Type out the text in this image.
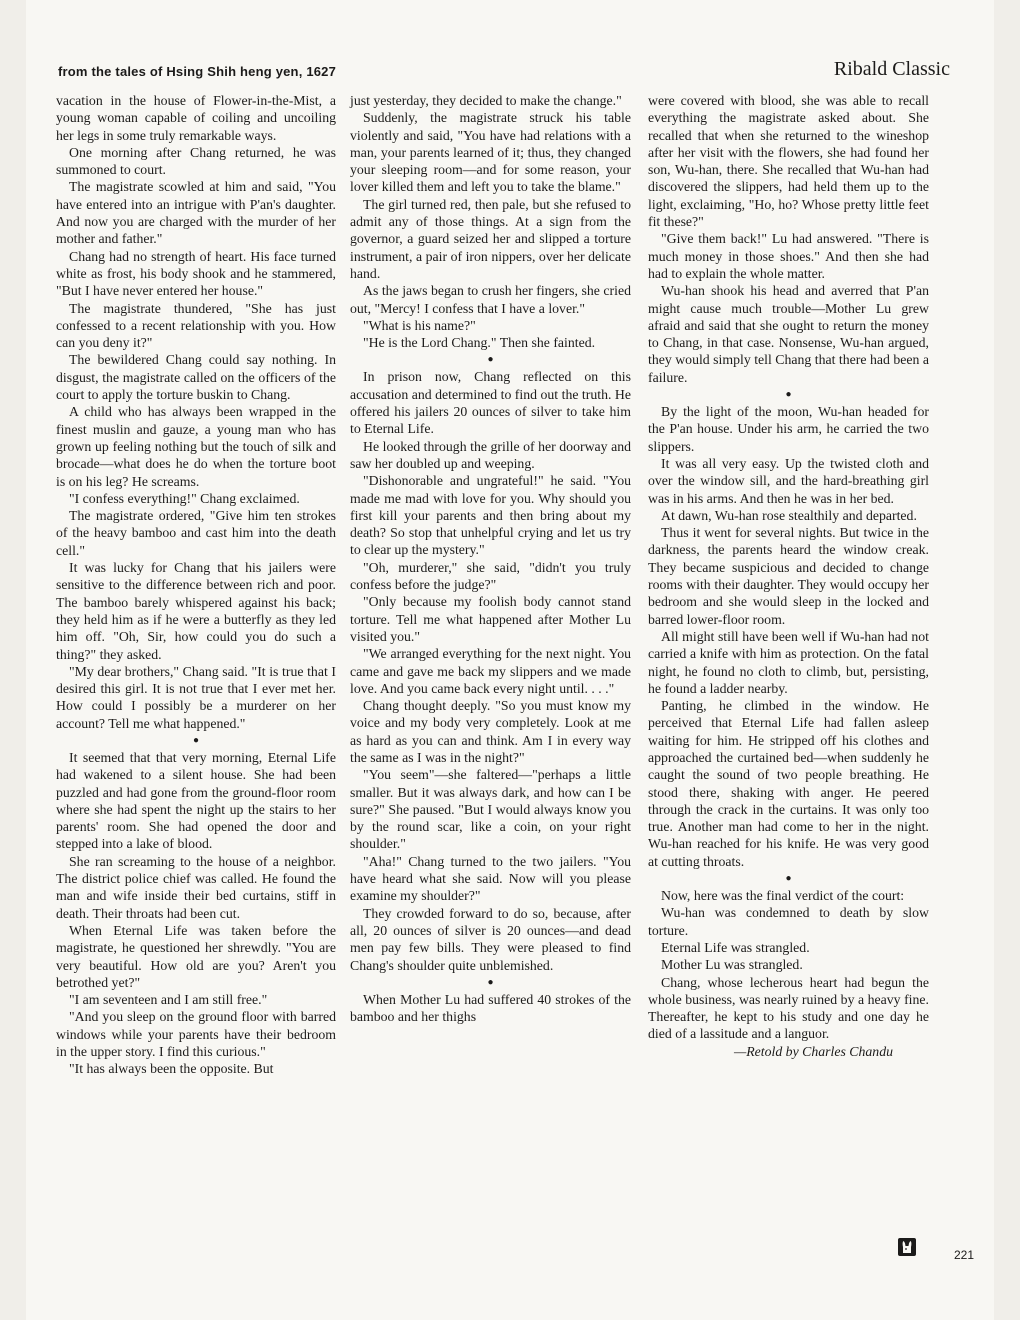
from the tales of Hsing Shih heng yen, 1627	Ribald Classic

vacation in the house of Flower-in-the-Mist, a young woman capable of coiling and uncoiling her legs in some truly remarkable ways.

One morning after Chang returned, he was summoned to court.

The magistrate scowled at him and said, "You have entered into an intrigue with P'an's daughter. And now you are charged with the murder of her mother and father."

Chang had no strength of heart. His face turned white as frost, his body shook and he stammered, "But I have never entered her house."

The magistrate thundered, "She has just confessed to a recent relationship with you. How can you deny it?"

The bewildered Chang could say nothing. In disgust, the magistrate called on the officers of the court to apply the torture buskin to Chang.

A child who has always been wrapped in the finest muslin and gauze, a young man who has grown up feeling nothing but the touch of silk and brocade—what does he do when the torture boot is on his leg? He screams.

"I confess everything!" Chang exclaimed.

The magistrate ordered, "Give him ten strokes of the heavy bamboo and cast him into the death cell."

It was lucky for Chang that his jailers were sensitive to the difference between rich and poor. The bamboo barely whispered against his back; they held him as if he were a butterfly as they led him off. "Oh, Sir, how could you do such a thing?" they asked.

"My dear brothers," Chang said. "It is true that I desired this girl. It is not true that I ever met her. How could I possibly be a murderer on her account? Tell me what happened."

●

It seemed that that very morning, Eternal Life had wakened to a silent house. She had been puzzled and had gone from the ground-floor room where she had spent the night up the stairs to her parents' room. She had opened the door and stepped into a lake of blood.

She ran screaming to the house of a neighbor. The district police chief was called. He found the man and wife inside their bed curtains, stiff in death. Their throats had been cut.

When Eternal Life was taken before the magistrate, he questioned her shrewdly. "You are very beautiful. How old are you? Aren't you betrothed yet?"

"I am seventeen and I am still free."

"And you sleep on the ground floor with barred windows while your parents have their bedroom in the upper story. I find this curious."

"It has always been the opposite. But

just yesterday, they decided to make the change."

Suddenly, the magistrate struck his table violently and said, "You have had relations with a man, your parents learned of it; thus, they changed your sleeping room—and for some reason, your lover killed them and left you to take the blame."

The girl turned red, then pale, but she refused to admit any of those things. At a sign from the governor, a guard seized her and slipped a torture instrument, a pair of iron nippers, over her delicate hand.

As the jaws began to crush her fingers, she cried out, "Mercy! I confess that I have a lover."

"What is his name?"

"He is the Lord Chang." Then she fainted.

●

In prison now, Chang reflected on this accusation and determined to find out the truth. He offered his jailers 20 ounces of silver to take him to Eternal Life.

He looked through the grille of her doorway and saw her doubled up and weeping.

"Dishonorable and ungrateful!" he said. "You made me mad with love for you. Why should you first kill your parents and then bring about my death? So stop that unhelpful crying and let us try to clear up the mystery."

"Oh, murderer," she said, "didn't you truly confess before the judge?"

"Only because my foolish body cannot stand torture. Tell me what happened after Mother Lu visited you."

"We arranged everything for the next night. You came and gave me back my slippers and we made love. And you came back every night until. . . ."

Chang thought deeply. "So you must know my voice and my body very completely. Look at me as hard as you can and think. Am I in every way the same as I was in the night?"

"You seem"—she faltered—"perhaps a little smaller. But it was always dark, and how can I be sure?" She paused. "But I would always know you by the round scar, like a coin, on your right shoulder."

"Aha!" Chang turned to the two jailers. "You have heard what she said. Now will you please examine my shoulder?"

They crowded forward to do so, because, after all, 20 ounces of silver is 20 ounces—and dead men pay few bills. They were pleased to find Chang's shoulder quite unblemished.

●

When Mother Lu had suffered 40 strokes of the bamboo and her thighs

were covered with blood, she was able to recall everything the magistrate asked about. She recalled that when she returned to the wineshop after her visit with the flowers, she had found her son, Wu-han, there. She recalled that Wu-han had discovered the slippers, had held them up to the light, exclaiming, "Ho, ho? Whose pretty little feet fit these?"

"Give them back!" Lu had answered. "There is much money in those shoes." And then she had had to explain the whole matter.

Wu-han shook his head and averred that P'an might cause much trouble—Mother Lu grew afraid and said that she ought to return the money to Chang, in that case. Nonsense, Wu-han argued, they would simply tell Chang that there had been a failure.

●

By the light of the moon, Wu-han headed for the P'an house. Under his arm, he carried the two slippers.

It was all very easy. Up the twisted cloth and over the window sill, and the hard-breathing girl was in his arms. And then he was in her bed.

At dawn, Wu-han rose stealthily and departed.

Thus it went for several nights. But twice in the darkness, the parents heard the window creak. They became suspicious and decided to change rooms with their daughter. They would occupy her bedroom and she would sleep in the locked and barred lower-floor room.

All might still have been well if Wu-han had not carried a knife with him as protection. On the fatal night, he found no cloth to climb, but, persisting, he found a ladder nearby.

Panting, he climbed in the window. He perceived that Eternal Life had fallen asleep waiting for him. He stripped off his clothes and approached the curtained bed—when suddenly he caught the sound of two people breathing. He stood there, shaking with anger. He peered through the crack in the curtains. It was only too true. Another man had come to her in the night. Wu-han reached for his knife. He was very good at cutting throats.

●

Now, here was the final verdict of the court:

Wu-han was condemned to death by slow torture.

Eternal Life was strangled.

Mother Lu was strangled.

Chang, whose lecherous heart had begun the whole business, was nearly ruined by a heavy fine. Thereafter, he kept to his study and one day he died of a lassitude and a languor.

—Retold by Charles Chandu

221
